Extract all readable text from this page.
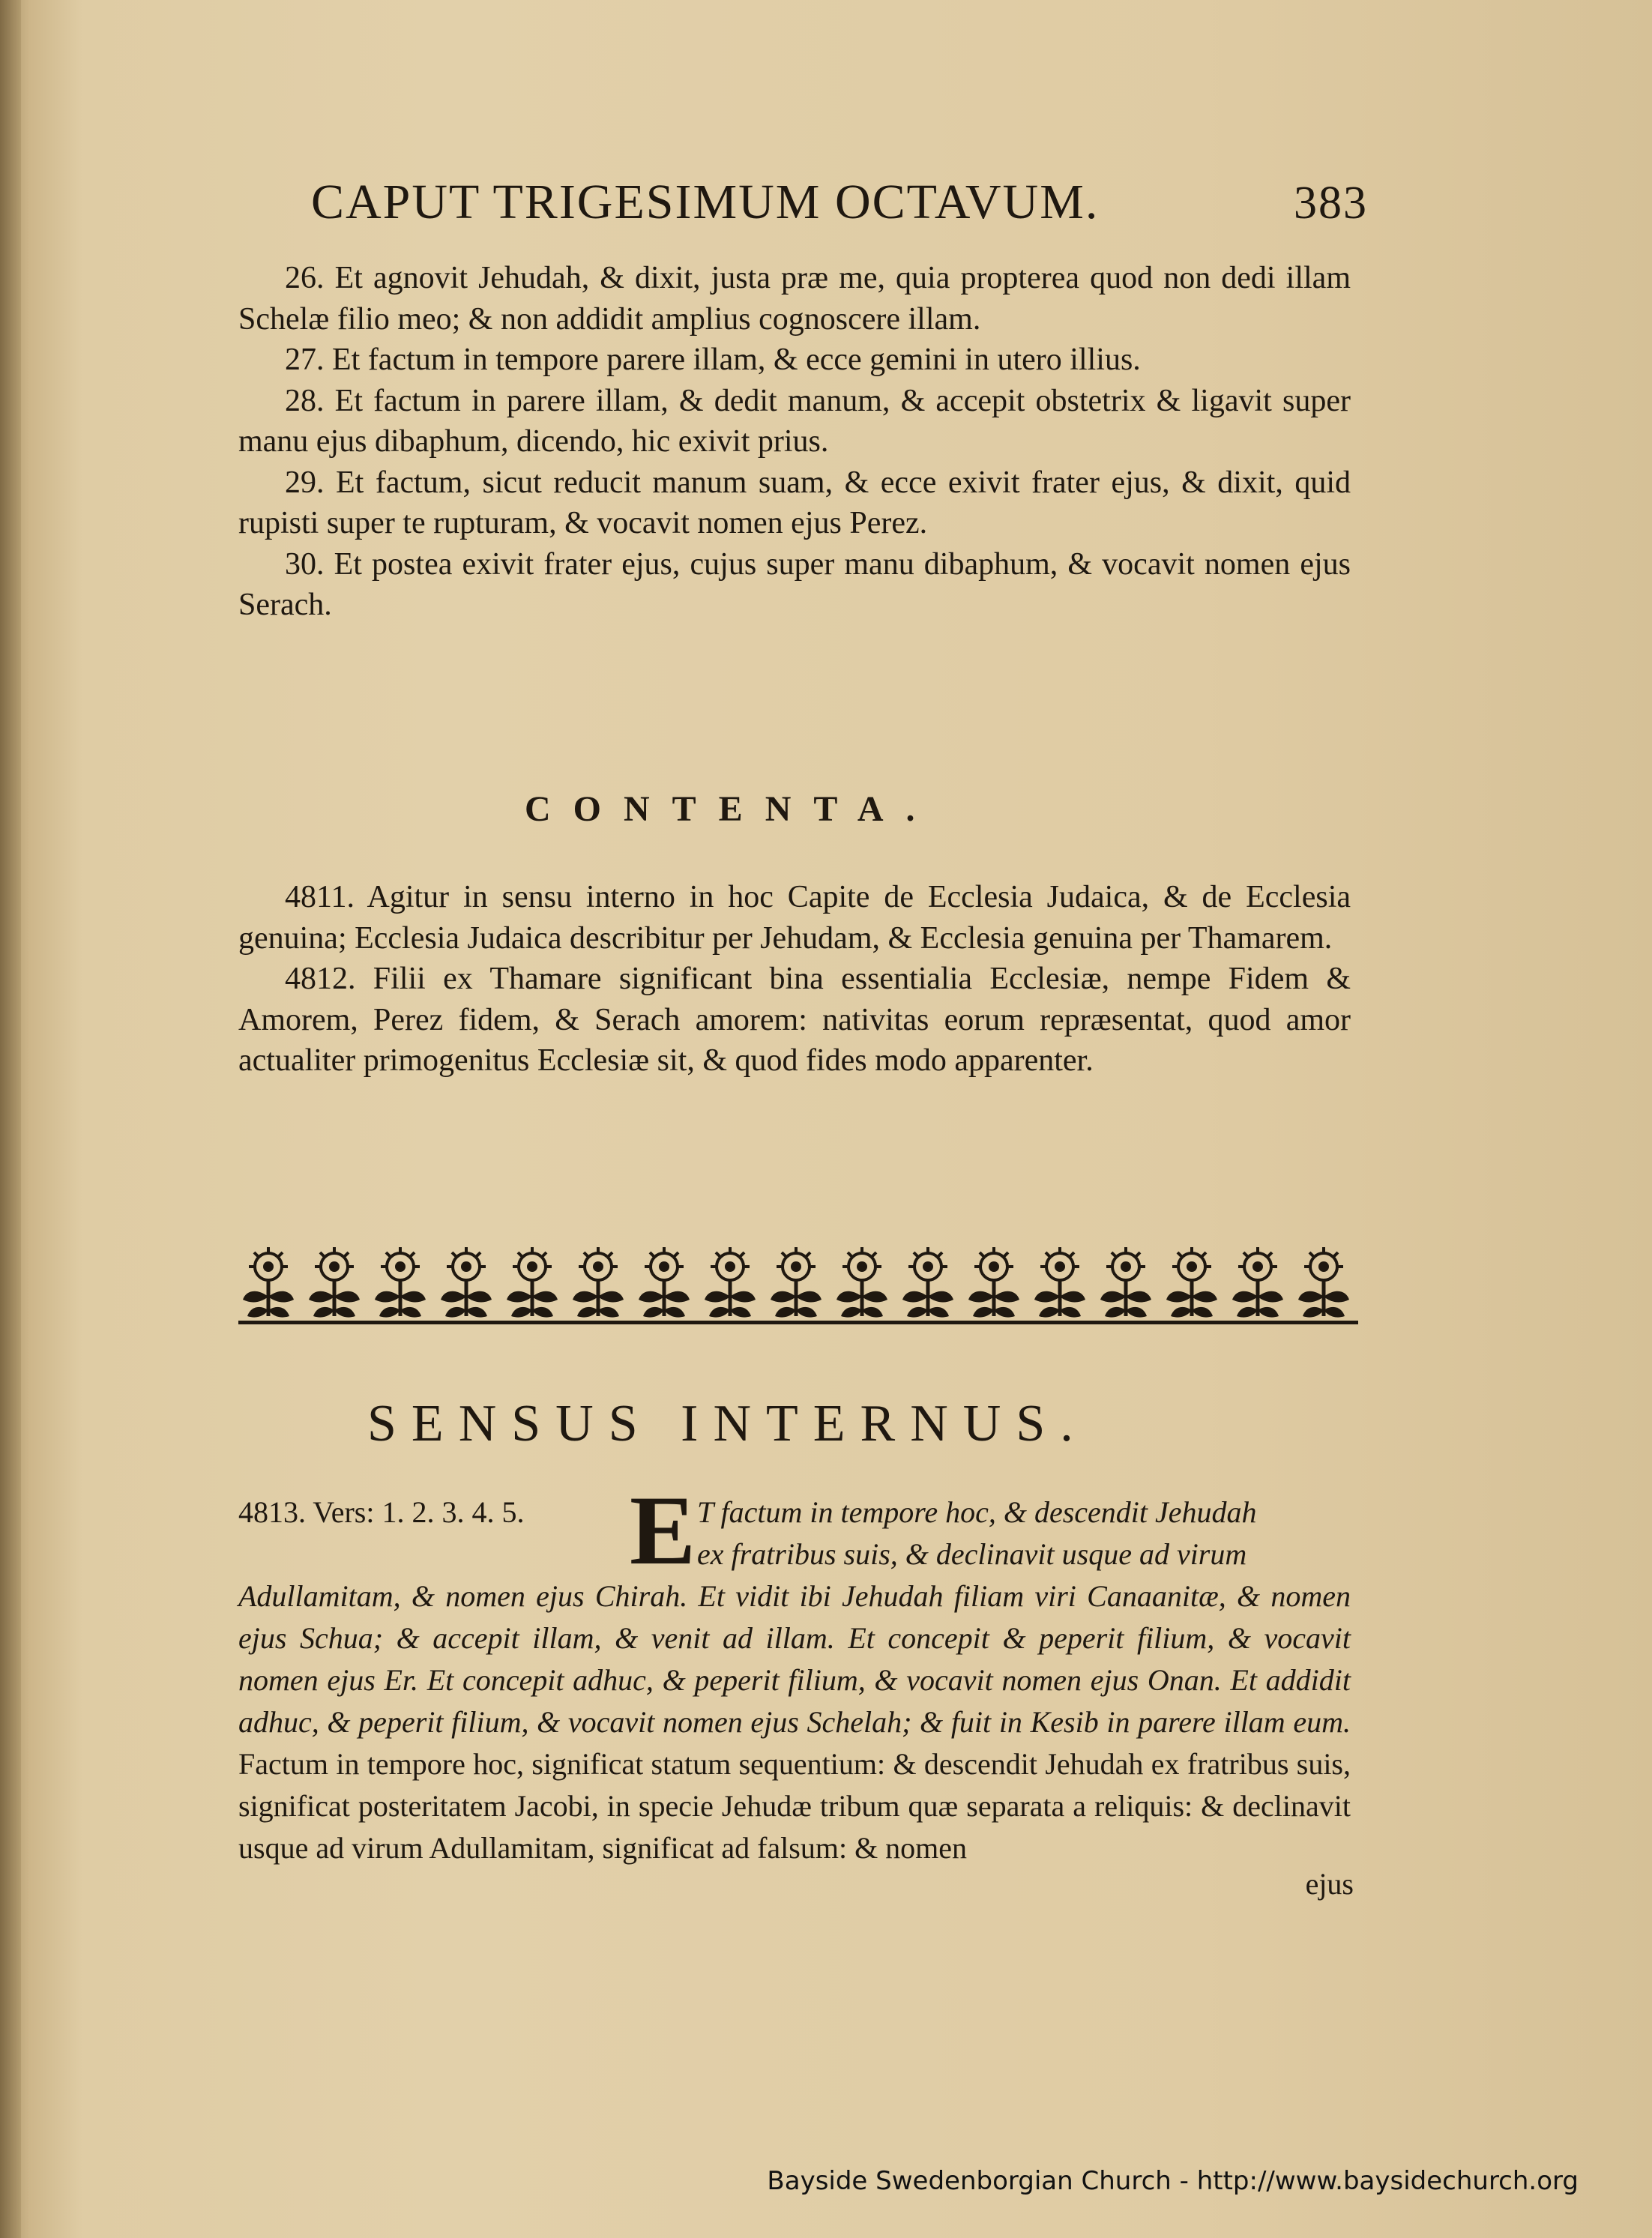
CAPUT TRIGESIMUM OCTAVUM.	383

26. Et agnovit Jehudah, & dixit, justa præ me, quia propterea quod non dedi illam Schelæ filio meo; & non addidit amplius cognoscere illam.

27. Et factum in tempore parere illam, & ecce gemini in utero illius.

28. Et factum in parere illam, & dedit manum, & accepit obstetrix & ligavit super manu ejus dibaphum, dicendo, hic exivit prius.

29. Et factum, sicut reducit manum suam, & ecce exivit frater ejus, & dixit, quid rupisti super te rupturam, & vocavit nomen ejus Perez.

30. Et postea exivit frater ejus, cujus super manu dibaphum, & vocavit nomen ejus Serach.

CONTENTA.

4811. Agitur in sensu interno in hoc Capite de Ecclesia Judaica, & de Ecclesia genuina; Ecclesia Judaica describitur per Jehudam, & Ecclesia genuina per Thamarem.

4812. Filii ex Thamare significant bina essentialia Ecclesiæ, nempe Fidem & Amorem, Perez fidem, & Serach amorem: nativitas eorum repræsentat, quod amor actualiter primogenitus Ecclesiæ sit, & quod fides modo apparenter.

SENSUS INTERNUS.
4813. Vers: 1. 2. 3. 4. 5. E T factum in tempore hoc, & descendit Jehudah
ex fratribus suis, & declinavit usque ad virum
Adullamitam, & nomen ejus Chirah. Et vidit ibi Jehudah filiam viri Canaanitæ, & nomen ejus Schua; & accepit illam, & venit ad illam. Et concepit & peperit filium, & vocavit nomen ejus Er. Et concepit adhuc, & peperit filium, & vocavit nomen ejus Onan. Et addidit adhuc, & peperit filium, & vocavit nomen ejus Schelah; & fuit in Kesib in parere illam eum. Factum in tempore hoc, significat statum sequentium: & descendit Jehudah ex fratribus suis, significat posteritatem Jacobi, in specie Jehudæ tribum quæ separata a reliquis: & declinavit usque ad virum Adullamitam, significat ad falsum: & nomen
ejus
Bayside Swedenborgian Church - http://www.baysidechurch.org
